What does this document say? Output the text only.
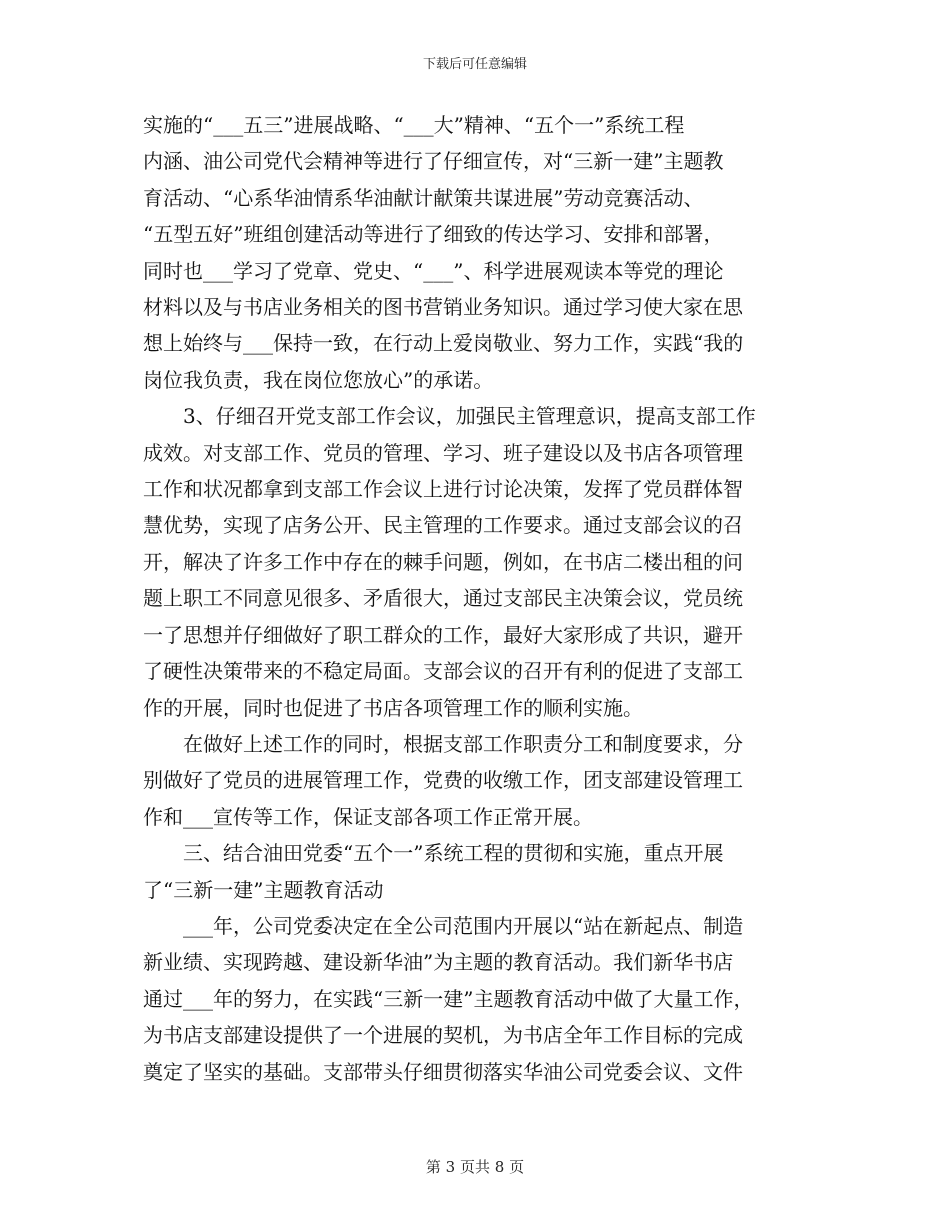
下载后可任意编辑
实施的“___五三”进展战略、“___大”精神、“五个一”系统工程
内涵、油公司党代会精神等进行了仔细宣传，对“三新一建”主题教
育活动、“心系华油情系华油献计献策共谋进展”劳动竞赛活动、
“五型五好”班组创建活动等进行了细致的传达学习、安排和部署，
同时也___学习了党章、党史、“___”、科学进展观读本等党的理论
材料以及与书店业务相关的图书营销业务知识。通过学习使大家在思
想上始终与___保持一致，在行动上爱岗敬业、努力工作，实践“我的
岗位我负责，我在岗位您放心”的承诺。
3、仔细召开党支部工作会议，加强民主管理意识，提高支部工作
成效。对支部工作、党员的管理、学习、班子建设以及书店各项管理
工作和状况都拿到支部工作会议上进行讨论决策，发挥了党员群体智
慧优势，实现了店务公开、民主管理的工作要求。通过支部会议的召
开，解决了许多工作中存在的棘手问题，例如，在书店二楼出租的问
题上职工不同意见很多、矛盾很大，通过支部民主决策会议，党员统
一了思想并仔细做好了职工群众的工作，最好大家形成了共识，避开
了硬性决策带来的不稳定局面。支部会议的召开有利的促进了支部工
作的开展，同时也促进了书店各项管理工作的顺利实施。
在做好上述工作的同时，根据支部工作职责分工和制度要求，分
别做好了党员的进展管理工作，党费的收缴工作，团支部建设管理工
作和___宣传等工作，保证支部各项工作正常开展。
三、结合油田党委“五个一”系统工程的贯彻和实施，重点开展
了“三新一建”主题教育活动
___年，公司党委决定在全公司范围内开展以“站在新起点、制造
新业绩、实现跨越、建设新华油”为主题的教育活动。我们新华书店
通过___年的努力，在实践“三新一建”主题教育活动中做了大量工作，
为书店支部建设提供了一个进展的契机，为书店全年工作目标的完成
奠定了坚实的基础。支部带头仔细贯彻落实华油公司党委会议、文件
第 3 页共 8 页
